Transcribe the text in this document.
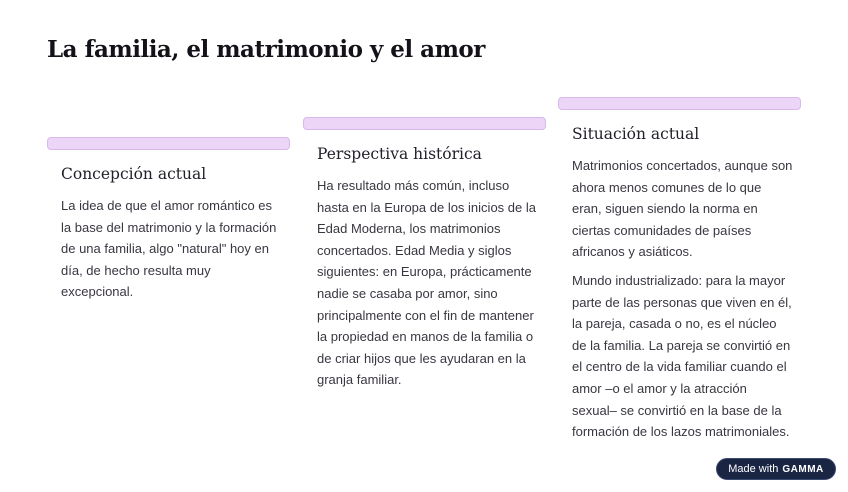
La familia, el matrimonio y el amor
Concepción actual

La idea de que el amor romántico es la base del matrimonio y la formación de una familia, algo "natural" hoy en día, de hecho resulta muy excepcional.

Perspectiva histórica

Ha resultado más común, incluso hasta en la Europa de los inicios de la Edad Moderna, los matrimonios concertados. Edad Media y siglos siguientes: en Europa, prácticamente nadie se casaba por amor, sino principalmente con el fin de mantener la propiedad en manos de la familia o de criar hijos que les ayudaran en la granja familiar.

Situación actual

Matrimonios concertados, aunque son ahora menos comunes de lo que eran, siguen siendo la norma en ciertas comunidades de países africanos y asiáticos.

Mundo industrializado: para la mayor parte de las personas que viven en él, la pareja, casada o no, es el núcleo de la familia. La pareja se convirtió en el centro de la vida familiar cuando el amor –o el amor y la atracción sexual– se convirtió en la base de la formación de los lazos matrimoniales.

Made with GAMMA
